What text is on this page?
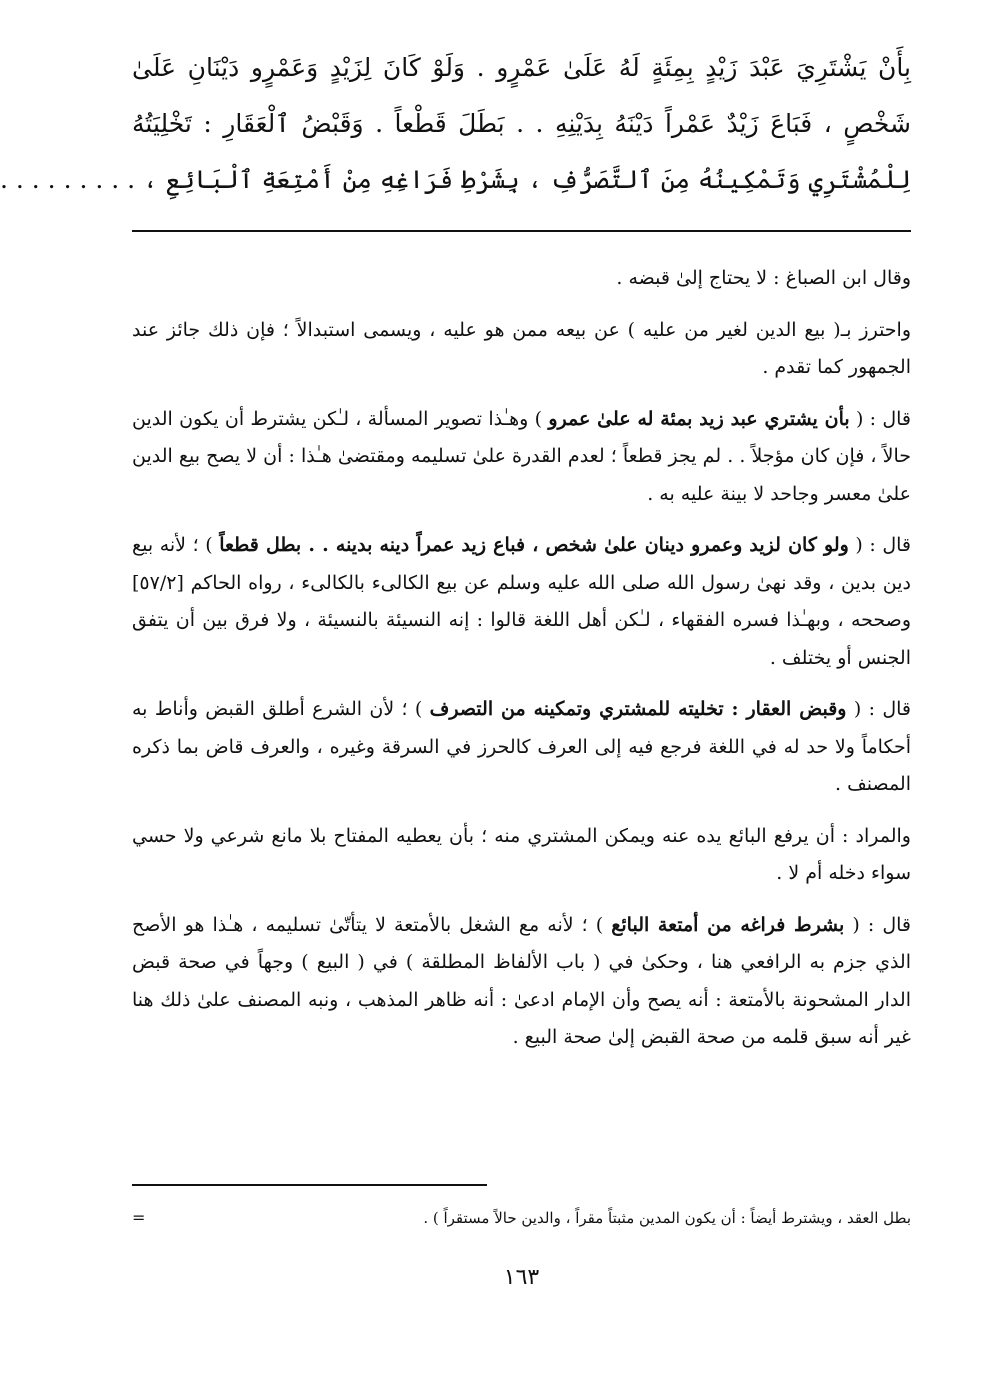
بِأَنْ يَشْتَرِيَ عَبْدَ زَيْدٍ بِمِئَةٍ لَهُ عَلَىٰ عَمْرٍو . وَلَوْ كَانَ لِزَيْدٍ وَعَمْرٍو دَيْنَانِ عَلَىٰ
شَخْصٍ ، فَبَاعَ زَيْدٌ عَمْراً دَيْنَهُ بِدَيْنِهِ . . بَطَلَ قَطْعاً . وَقَبْضُ ٱلْعَقَارِ : تَخْلِيَتُهُ
لِلْمُشْتَرِي وَتَمْكِينُهُ مِنَ ٱلتَّصَرُّفِ ، بِشَرْطِ فَرَاغِهِ مِنْ أَمْتِعَةِ ٱلْبَائِعِ ، . . . . . . . . .

وقال ابن الصباغ : لا يحتاج إلىٰ قبضه .

واحترز بـ( بيع الدين لغير من عليه ) عن بيعه ممن هو عليه ، ويسمى استبدالاً ؛ فإن ذلك جائز عند الجمهور كما تقدم .

قال : ( بأن يشتري عبد زيد بمئة له علىٰ عمرو ) وهـٰذا تصوير المسألة ، لـٰكن يشترط أن يكون الدين حالاً ، فإن كان مؤجلاً . . لم يجز قطعاً ؛ لعدم القدرة علىٰ تسليمه ومقتضىٰ هـٰذا : أن لا يصح بيع الدين علىٰ معسر وجاحد لا بينة عليه به .

قال : ( ولو كان لزيد وعمرو دينان علىٰ شخص ، فباع زيد عمراً دينه بدينه . . بطل قطعاً ) ؛ لأنه بيع دين بدين ، وقد نهىٰ رسول الله صلى الله عليه وسلم عن بيع الكالىء بالكالىء ، رواه الحاكم [٥٧/٢] وصححه ، وبهـٰذا فسره الفقهاء ، لـٰكن أهل اللغة قالوا : إنه النسيئة بالنسيئة ، ولا فرق بين أن يتفق الجنس أو يختلف .

قال : ( وقبض العقار : تخليته للمشتري وتمكينه من التصرف ) ؛ لأن الشرع أطلق القبض وأناط به أحكاماً ولا حد له في اللغة فرجع فيه إلى العرف كالحرز في السرقة وغيره ، والعرف قاض بما ذكره المصنف .

والمراد : أن يرفع البائع يده عنه ويمكن المشتري منه ؛ بأن يعطيه المفتاح بلا مانع شرعي ولا حسي سواء دخله أم لا .

قال : ( بشرط فراغه من أمتعة البائع ) ؛ لأنه مع الشغل بالأمتعة لا يتأتّىٰ تسليمه ، هـٰذا هو الأصح الذي جزم به الرافعي هنا ، وحكىٰ في ( باب الألفاظ المطلقة ) في ( البيع ) وجهاً في صحة قبض الدار المشحونة بالأمتعة : أنه يصح وأن الإمام ادعىٰ : أنه ظاهر المذهب ، ونبه المصنف علىٰ ذلك هنا غير أنه سبق قلمه من صحة القبض إلىٰ صحة البيع .

بطل العقد ، ويشترط أيضاً : أن يكون المدين مثبتاً مقراً ، والدين حالاً مستقراً ) .
=
١٦٣
